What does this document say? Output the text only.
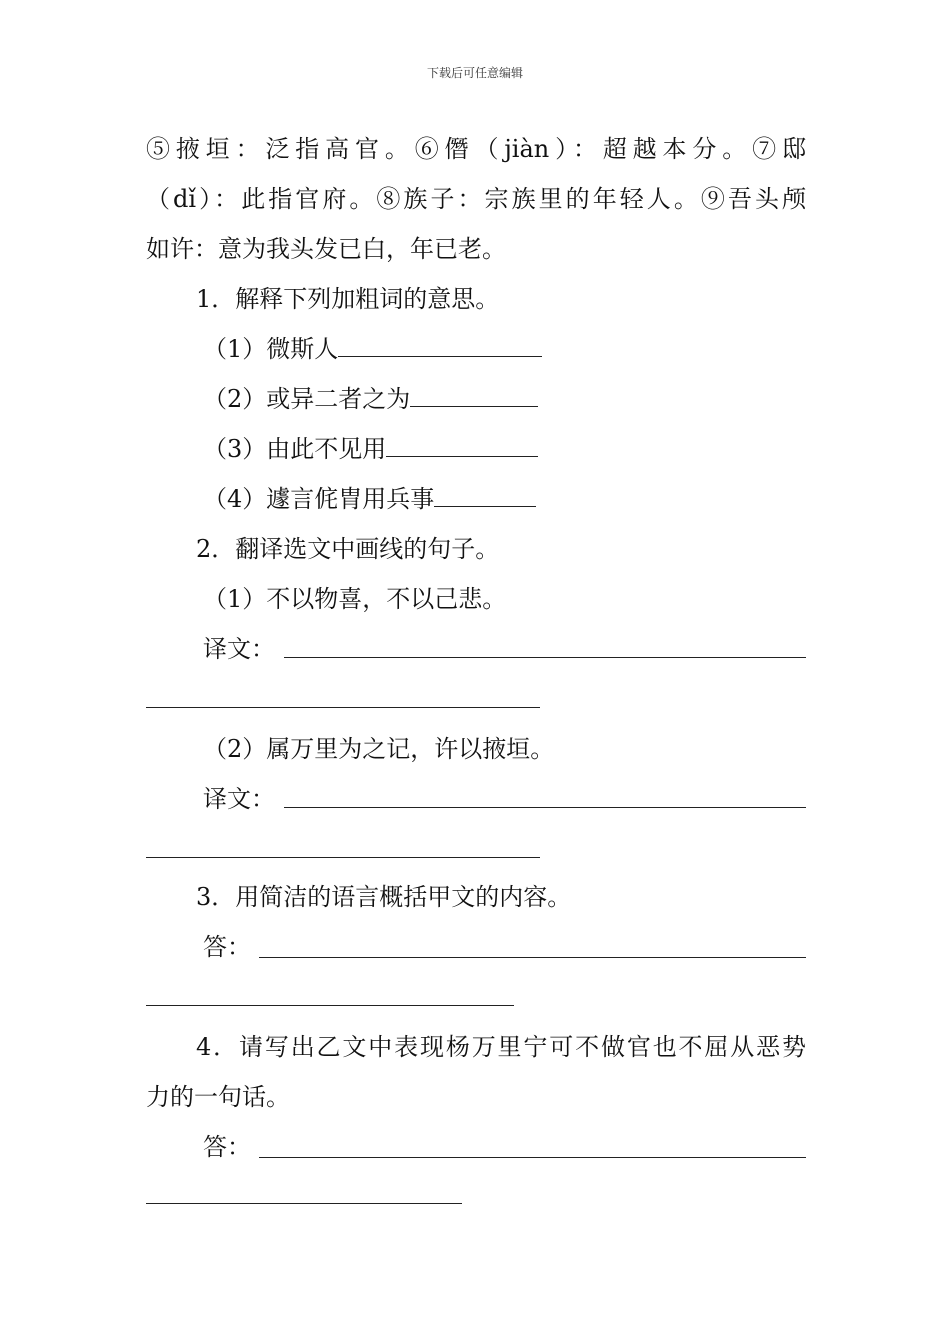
下载后可任意编辑
⑤掖垣：泛指高官。⑥僭（jiàn）：超越本分。⑦邸
（dǐ）：此指官府。⑧族子：宗族里的年轻人。⑨吾头颅
如许：意为我头发已白，年已老。
1．解释下列加粗词的意思。
（1）微斯人
（2）或异二者之为
（3）由此不见用
（4）遽言侂胄用兵事
2．翻译选文中画线的句子。
（1）不以物喜，不以己悲。
译文：
（2）属万里为之记，许以掖垣。
译文：
3．用简洁的语言概括甲文的内容。
答：
4．请写出乙文中表现杨万里宁可不做官也不屈从恶势
力的一句话。
答：
